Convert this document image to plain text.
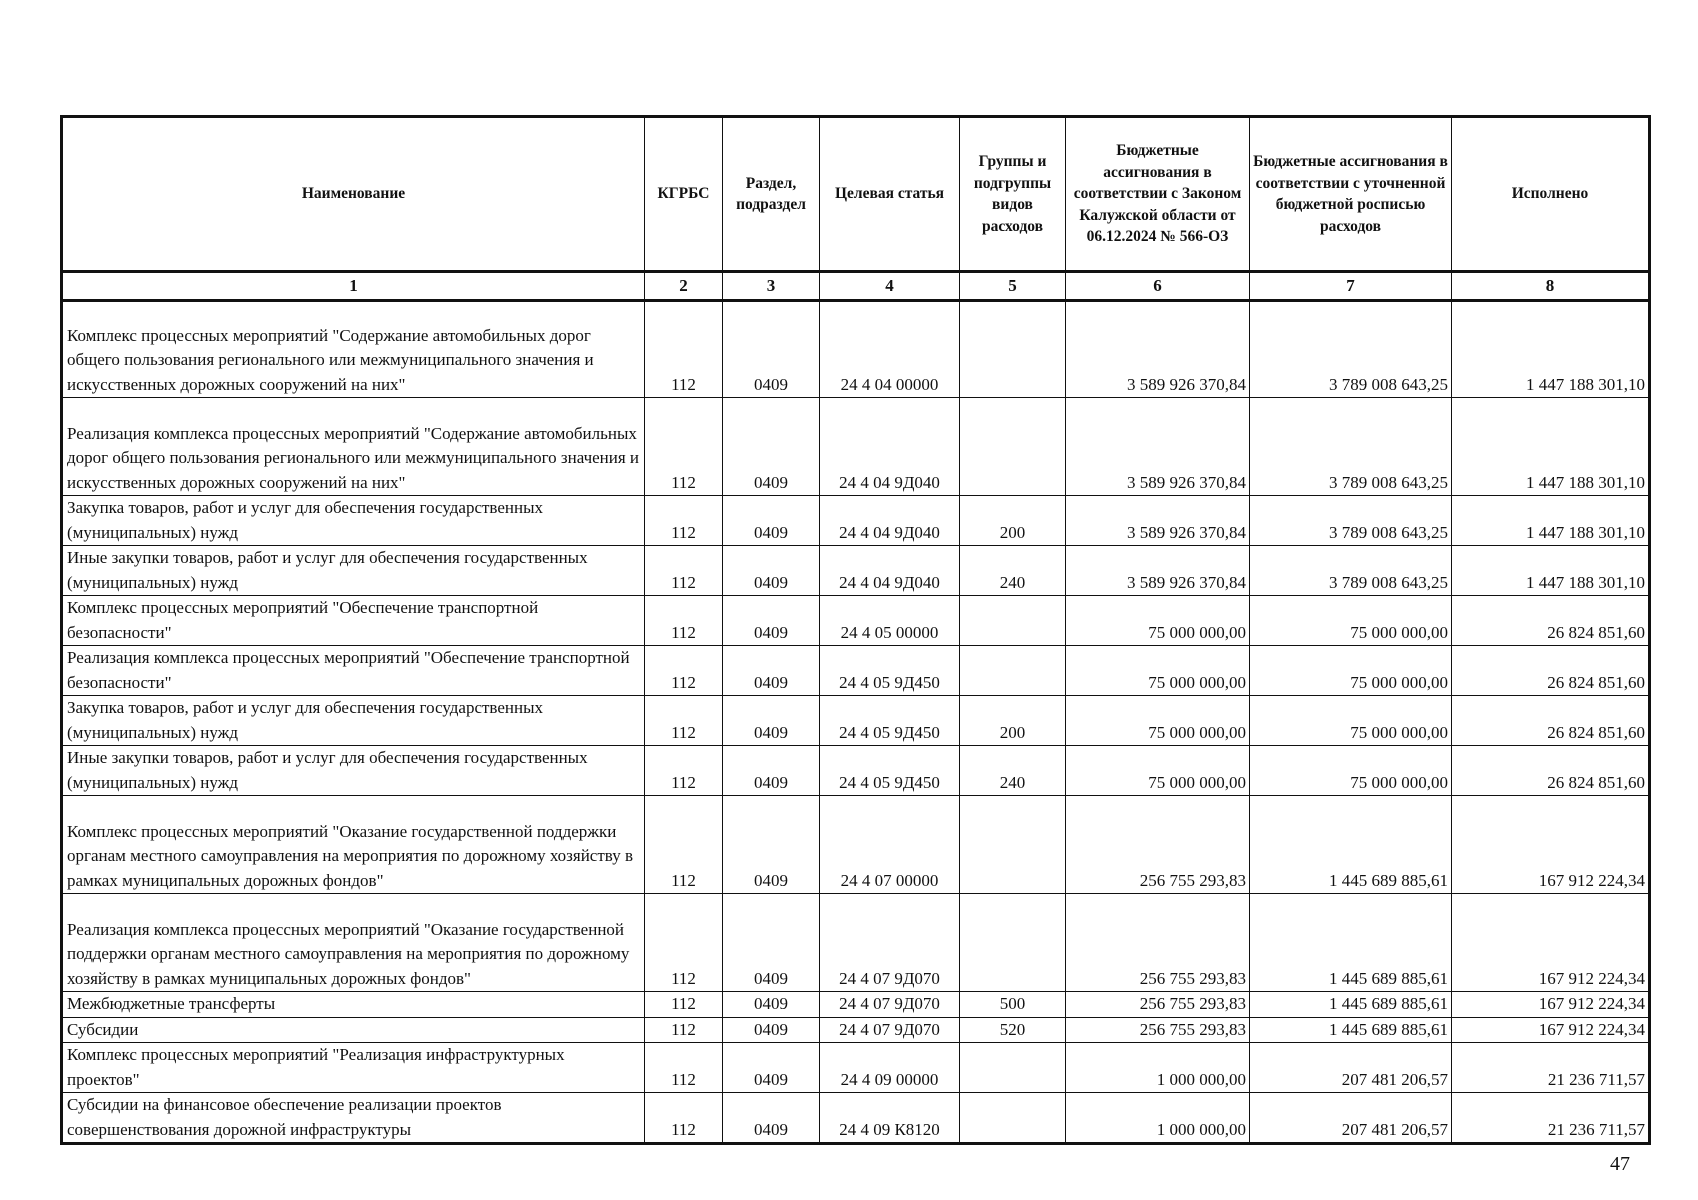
Наименование	КГРБС	Раздел, подраздел	Целевая статья	Группы и подгруппы видов расходов	Бюджетные ассигнования в соответствии с Законом Калужской области от 06.12.2024 № 566-ОЗ	Бюджетные ассигнования в соответствии с уточненной бюджетной росписью расходов	Исполнено
1	2	3	4	5	6	7	8
Комплекс процессных мероприятий "Содержание автомобильных дорог общего пользования регионального или межмуниципального значения и искусственных дорожных сооружений на них"	112	0409	24 4 04 00000		3 589 926 370,84	3 789 008 643,25	1 447 188 301,10
Реализация комплекса процессных мероприятий "Содержание автомобильных дорог общего пользования регионального или межмуниципального значения и искусственных дорожных сооружений на них"	112	0409	24 4 04 9Д040		3 589 926 370,84	3 789 008 643,25	1 447 188 301,10
Закупка товаров, работ и услуг для обеспечения государственных (муниципальных) нужд	112	0409	24 4 04 9Д040	200	3 589 926 370,84	3 789 008 643,25	1 447 188 301,10
Иные закупки товаров, работ и услуг для обеспечения государственных (муниципальных) нужд	112	0409	24 4 04 9Д040	240	3 589 926 370,84	3 789 008 643,25	1 447 188 301,10
Комплекс процессных мероприятий "Обеспечение транспортной безопасности"	112	0409	24 4 05 00000		75 000 000,00	75 000 000,00	26 824 851,60
Реализация комплекса процессных мероприятий "Обеспечение транспортной безопасности"	112	0409	24 4 05 9Д450		75 000 000,00	75 000 000,00	26 824 851,60
Закупка товаров, работ и услуг для обеспечения государственных (муниципальных) нужд	112	0409	24 4 05 9Д450	200	75 000 000,00	75 000 000,00	26 824 851,60
Иные закупки товаров, работ и услуг для обеспечения государственных (муниципальных) нужд	112	0409	24 4 05 9Д450	240	75 000 000,00	75 000 000,00	26 824 851,60
Комплекс процессных мероприятий "Оказание государственной поддержки органам местного самоуправления на мероприятия по дорожному хозяйству в рамках муниципальных дорожных фондов"	112	0409	24 4 07 00000		256 755 293,83	1 445 689 885,61	167 912 224,34
Реализация комплекса процессных мероприятий "Оказание государственной поддержки органам местного самоуправления на мероприятия по дорожному хозяйству в рамках муниципальных дорожных фондов"	112	0409	24 4 07 9Д070		256 755 293,83	1 445 689 885,61	167 912 224,34
Межбюджетные трансферты	112	0409	24 4 07 9Д070	500	256 755 293,83	1 445 689 885,61	167 912 224,34
Субсидии	112	0409	24 4 07 9Д070	520	256 755 293,83	1 445 689 885,61	167 912 224,34
Комплекс процессных мероприятий "Реализация инфраструктурных проектов"	112	0409	24 4 09 00000		1 000 000,00	207 481 206,57	21 236 711,57
Субсидии на финансовое обеспечение реализации проектов совершенствования дорожной инфраструктуры	112	0409	24 4 09 К8120		1 000 000,00	207 481 206,57	21 236 711,57
47
